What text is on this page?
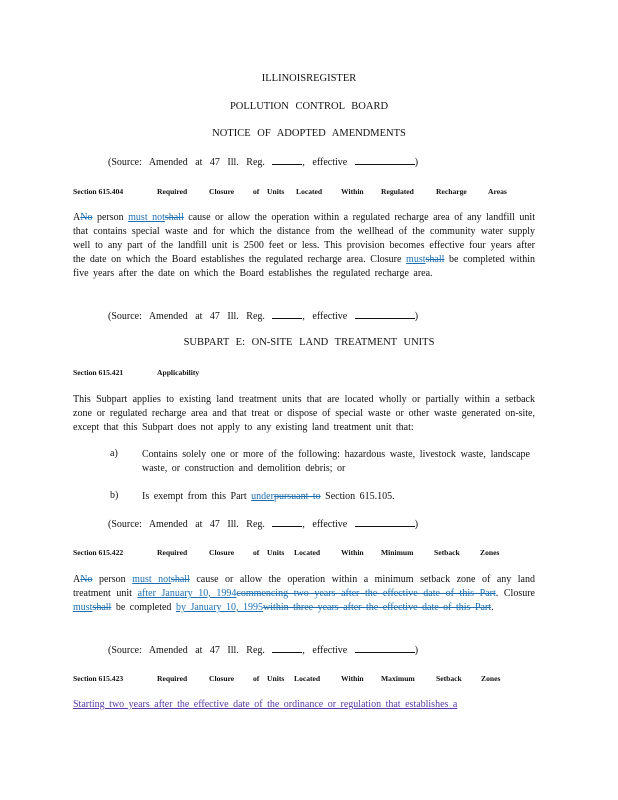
ILLINOISREGISTER
POLLUTION CONTROL BOARD
NOTICE OF ADOPTED AMENDMENTS
(Source: Amended at 47 Ill. Reg.	, effective	)
Section 615.404	Required	Closure of Units Located Within Regulated	Recharge	Areas
ANo person must notshall cause or allow the operation within a regulated recharge area of any landfill unit that contains special waste and for which the distance from the wellhead of the community water supply well to any part of the landfill unit is 2500 feet or less. This provision becomes effective four years after the date on which the Board establishes the regulated recharge area. Closure mustshall be completed within five years after the date on which the Board establishes the regulated recharge area.
(Source: Amended at 47 Ill. Reg.	, effective	)
SUBPART E: ON-SITE LAND TREATMENT UNITS
Section 615.421	Applicability
This Subpart applies to existing land treatment units that are located wholly or partially within a setback zone or regulated recharge area and that treat or dispose of special waste or other waste generated on-site, except that this Subpart does not apply to any existing land treatment unit that:
a) Contains solely one or more of the following: hazardous waste, livestock waste, landscape waste, or construction and demolition debris; or
b) Is exempt from this Part underpursuant to Section 615.105.
(Source: Amended at 47 Ill. Reg.	, effective	)
Section 615.422	Required	Closure of Units Located	Within Minimum	Setback	Zones
ANo person must notshall cause or allow the operation within a minimum setback zone of any land treatment unit after January 10, 1994commencing two years after the effective date of this Part. Closure mustshall be completed by January 10, 1995within three years after the effective date of this Part.
(Source: Amended at 47 Ill. Reg.	, effective	)
Section 615.423	Required	Closure of Units Located	Within Maximum	Setback	Zones
Starting two years after the effective date of the ordinance or regulation that establishes a
